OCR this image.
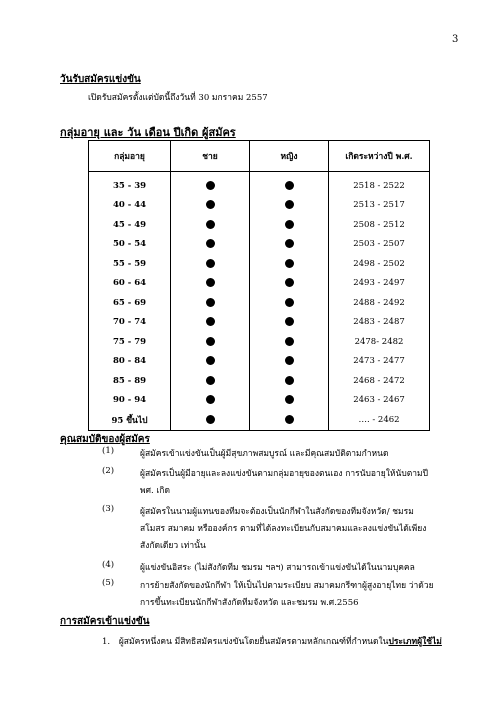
3
วันรับสมัครแข่งขัน
เปิดรับสมัครตั้งแต่บัดนี้ถึงวันที่ 30 มกราคม 2557
กลุ่มอายุ และ วัน เดือน ปีเกิด ผู้สมัคร
กลุ่มอายุ	ชาย	หญิง	เกิดระหว่างปี พ.ศ.
35 - 39			2518 - 2522
40 - 44			2513 - 2517
45 - 49			2508 - 2512
50 - 54			2503 - 2507
55 - 59			2498 - 2502
60 - 64			2493 - 2497
65 - 69			2488 - 2492
70 - 74			2483 - 2487
75 - 79			2478- 2482
80 - 84			2473 - 2477
85 - 89			2468 - 2472
90 - 94			2463 - 2467
95 ขึ้นไป			…. - 2462
คุณสมบัติของผู้สมัคร
(1)	ผู้สมัครเข้าแข่งขันเป็นผู้มีสุขภาพสมบูรณ์ และมีคุณสมบัติตามกำหนด
(2)	ผู้สมัครเป็นผู้มีอายุและลงแข่งขันตามกลุ่มอายุของตนเอง การนับอายุให้นับตามปี พศ. เกิด
(3)	ผู้สมัครในนามผู้แทนของทีมจะต้องเป็นนักกีฬาในสังกัดของทีมจังหวัด/ ชมรม สโมสร สมาคม หรือองค์กร ตามที่ได้ลงทะเบียนกับสมาคมและลงแข่งขันได้เพียงสังกัดเดียว เท่านั้น
(4)	ผู้แข่งขันอิสระ (ไม่สังกัดทีม ชมรม ฯลฯ) สามารถเข้าแข่งขันได้ในนามบุคคล
(5)	การย้ายสังกัดของนักกีฬา ให้เป็นไปตามระเบียบ สมาคมกรีฑาผู้สูงอายุไทย ว่าด้วย การขึ้นทะเบียนนักกีฬาสังกัดทีมจังหวัด และชมรม พ.ศ.2556
การสมัครเข้าแข่งขัน
1. ผู้สมัครหนึ่งคน มีสิทธิสมัครแข่งขันโดยยื่นสมัครตามหลักเกณฑ์ที่กำหนดในประเภทผู้ใช้ไม่
